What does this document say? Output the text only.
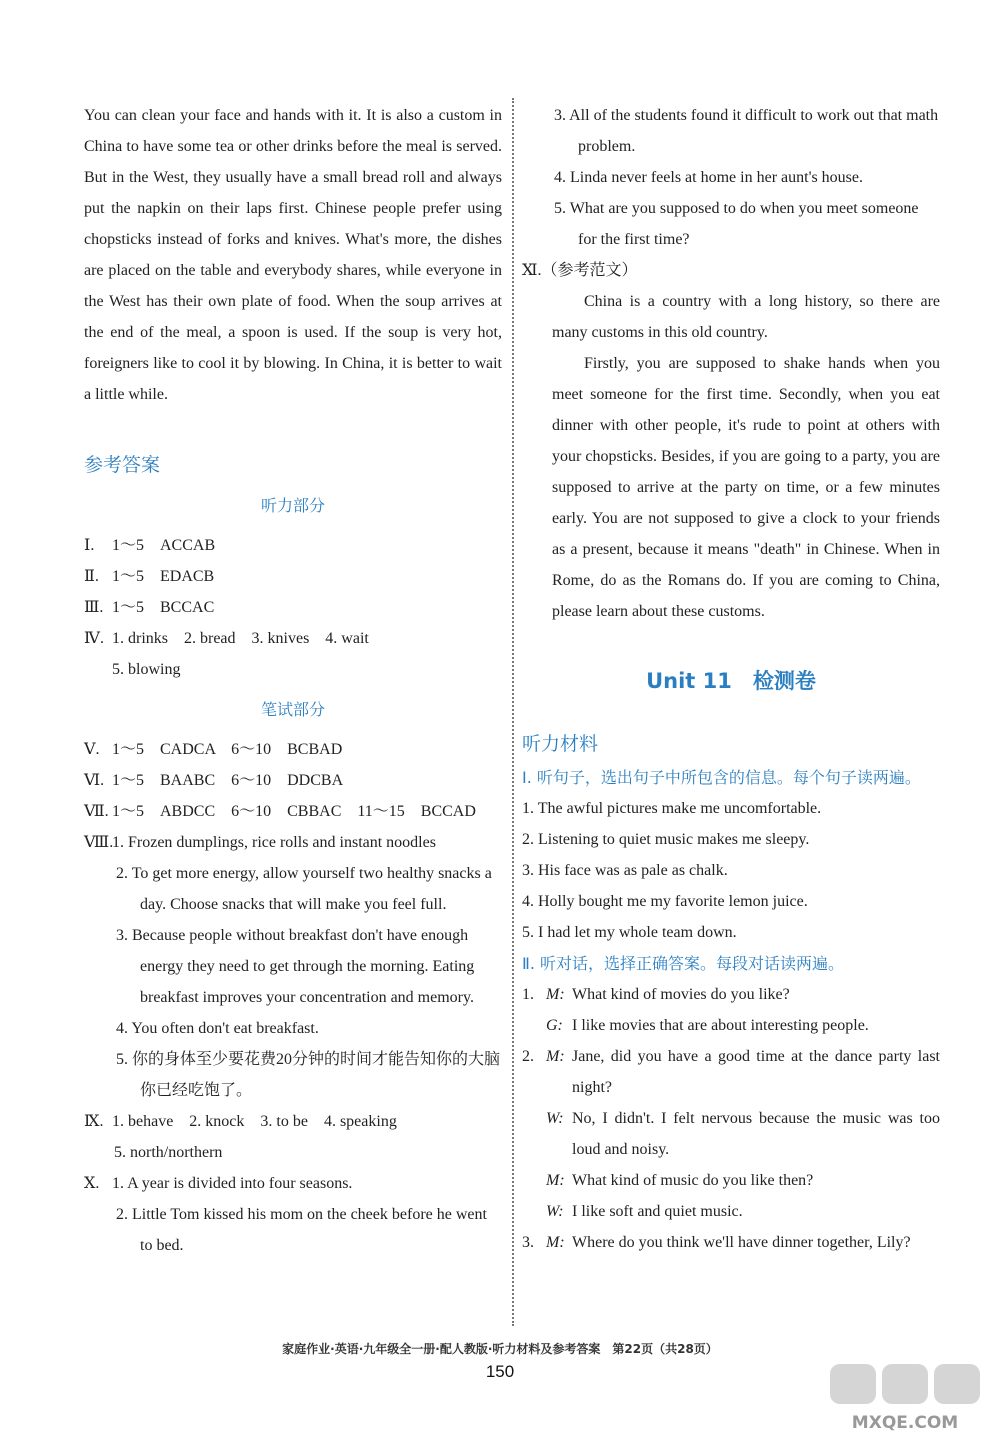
You can clean your face and hands with it. It is also a custom in China to have some tea or other drinks before the meal is served. But in the West, they usually have a small bread roll and always put the napkin on their laps first. Chinese people prefer using chopsticks instead of forks and knives. What's more, the dishes are placed on the table and everybody shares, while everyone in the West has their own plate of food. When the soup arrives at the end of the meal, a spoon is used. If the soup is very hot, foreigners like to cool it by blowing. In China, it is better to wait a little while.

参考答案

听力部分

Ⅰ.	1～5　ACCAB
Ⅱ. 1～5　EDACB
Ⅲ. 1～5　BCCAC
Ⅳ. 1. drinks　2. bread　3. knives　4. wait
5. blowing

笔试部分

Ⅴ. 1～5　CADCA　6～10　BCBAD
Ⅵ. 1～5　BAABC　6～10　DDCBA
Ⅶ. 1～5　ABDCC　6～10　CBBAC　11～15　BCCAD
Ⅷ.
1. Frozen dumplings, rice rolls and instant noodles
2. To get more energy, allow yourself two healthy snacks a day. Choose snacks that will make you feel full.
3. Because people without breakfast don't have enough energy they need to get through the morning. Eating breakfast improves your concentration and memory.
4. You often don't eat breakfast.
5. 你的身体至少要花费20分钟的时间才能告知你的大脑你已经吃饱了。
Ⅸ. 1. behave　2. knock　3. to be　4. speaking
5. north/northern
Ⅹ. 1. A year is divided into four seasons.
2. Little Tom kissed his mom on the cheek before he went to bed.
3. All of the students found it difficult to work out that math problem.
4. Linda never feels at home in her aunt's house.
5. What are you supposed to do when you meet someone for the first time?
Ⅺ.（参考范文）

China is a country with a long history, so there are many customs in this old country.

Firstly, you are supposed to shake hands when you meet someone for the first time. Secondly, when you eat dinner with other people, it's rude to point at others with your chopsticks. Besides, if you are going to a party, you are supposed to arrive at the party on time, or a few minutes early. You are not supposed to give a clock to your friends as a present, because it means "death" in Chinese. When in Rome, do as the Romans do. If you are coming to China, please learn about these customs.

Unit 11　检测卷

听力材料

Ⅰ. 听句子，选出句子中所包含的信息。每个句子读两遍。

1. The awful pictures make me uncomfortable.
2. Listening to quiet music makes me sleepy.
3. His face was as pale as chalk.
4. Holly bought me my favorite lemon juice.
5. I had let my whole team down.

Ⅱ. 听对话，选择正确答案。每段对话读两遍。

1. M: What kind of movies do you like?
G: I like movies that are about interesting people.
2. M: Jane, did you have a good time at the dance party last night?
W: No, I didn't. I felt nervous because the music was too loud and noisy.
M: What kind of music do you like then?
W: I like soft and quiet music.
3. M: Where do you think we'll have dinner together, Lily?
家庭作业·英语·九年级全一册·配人教版·听力材料及参考答案　第22页（共28页）
150
MXQE.COM
